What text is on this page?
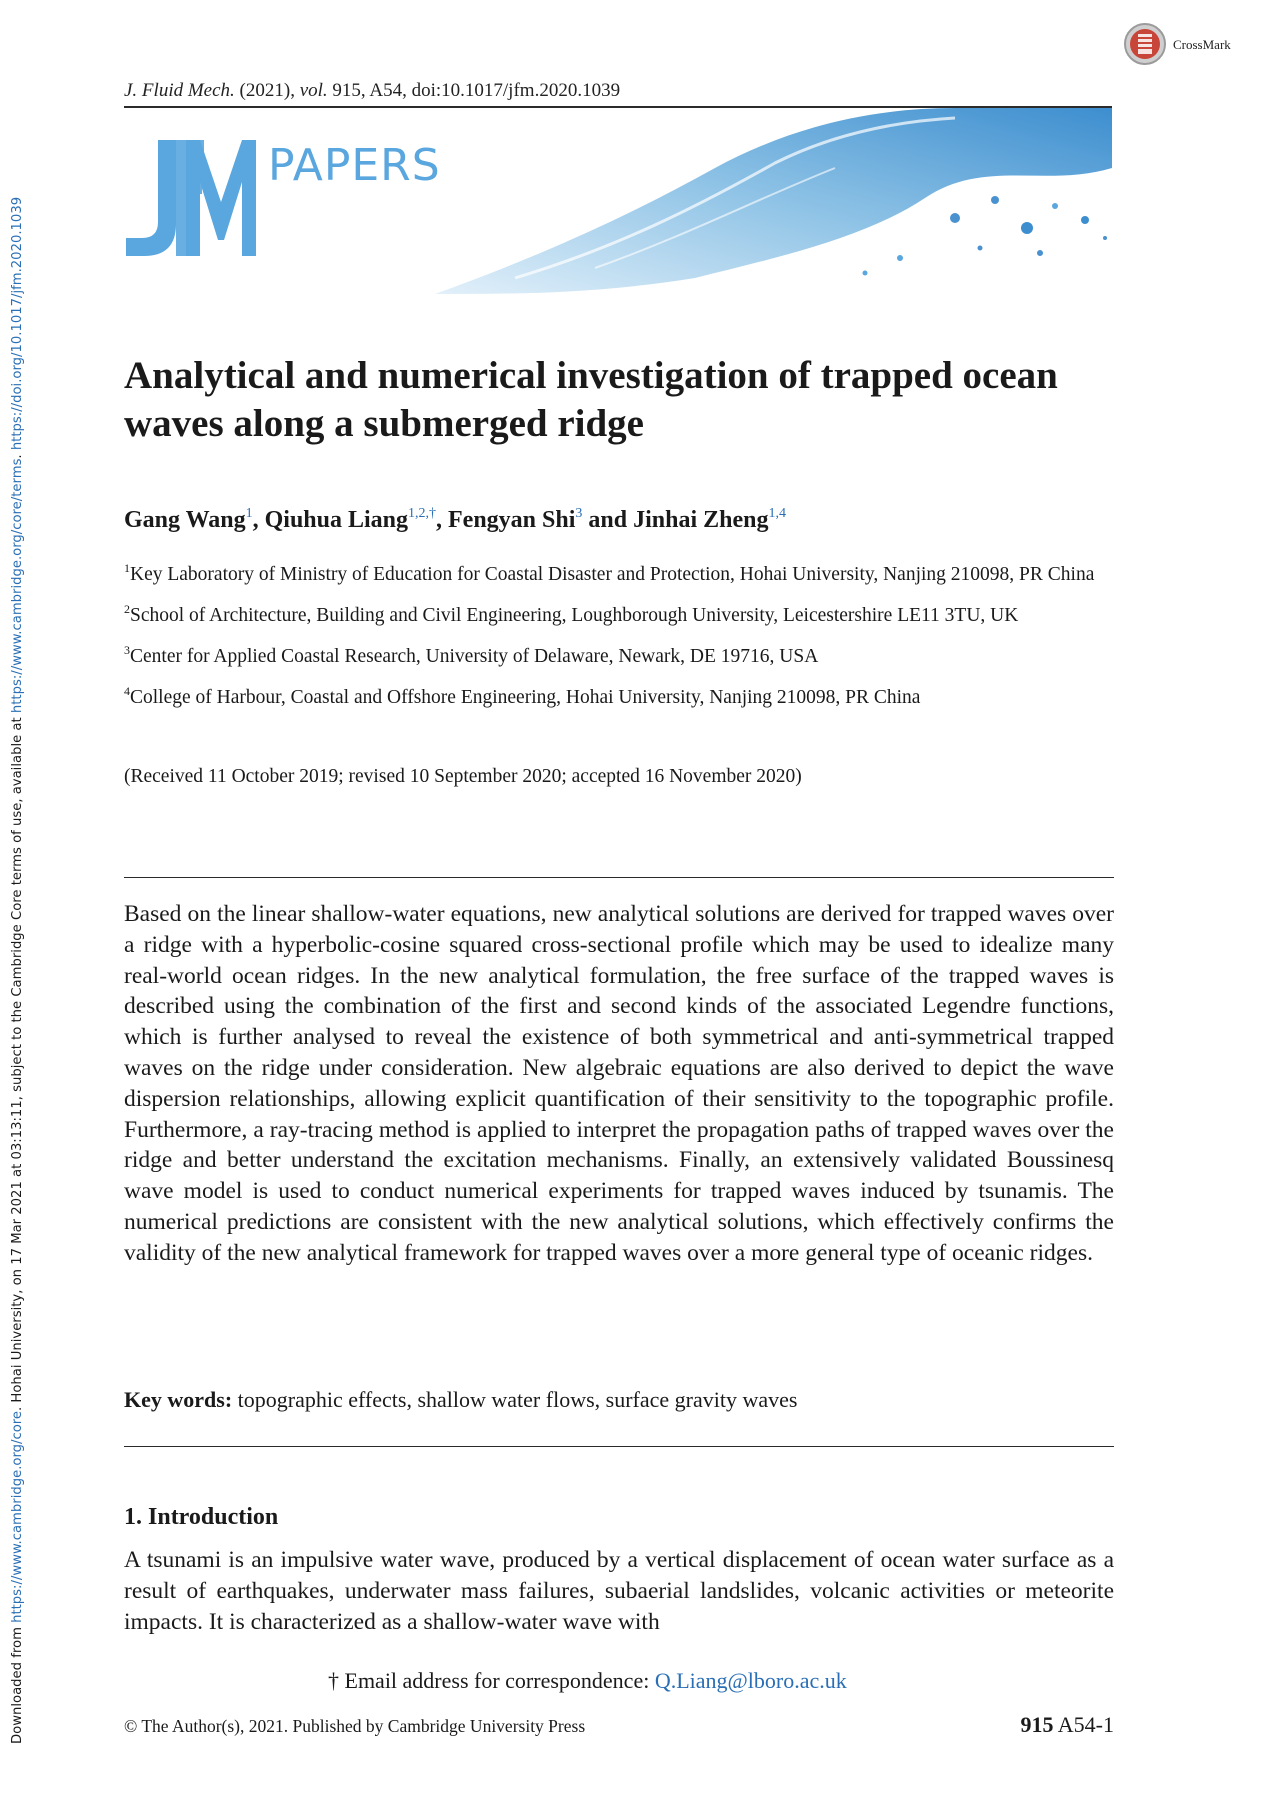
Downloaded from https://www.cambridge.org/core. Hohai University, on 17 Mar 2021 at 03:13:11, subject to the Cambridge Core terms of use, available at https://www.cambridge.org/core/terms. https://doi.org/10.1017/jfm.2020.1039
CrossMark
J. Fluid Mech. (2021), vol. 915, A54, doi:10.1017/jfm.2020.1039
PAPERS
Analytical and numerical investigation of trapped ocean waves along a submerged ridge
Gang Wang$^1$, Qiuhua Liang$^{1,2,\dagger}$, Fengyan Shi$^3$ and Jinhai Zheng$^{1,4}$

$^1$Key Laboratory of Ministry of Education for Coastal Disaster and Protection, Hohai University, Nanjing 210098, PR China

$^2$School of Architecture, Building and Civil Engineering, Loughborough University, Leicestershire LE11 3TU, UK

$^3$Center for Applied Coastal Research, University of Delaware, Newark, DE 19716, USA

$^4$College of Harbour, Coastal and Offshore Engineering, Hohai University, Nanjing 210098, PR China

(Received 11 October 2019; revised 10 September 2020; accepted 16 November 2020)

Based on the linear shallow-water equations, new analytical solutions are derived for trapped waves over a ridge with a hyperbolic-cosine squared cross-sectional profile which may be used to idealize many real-world ocean ridges. In the new analytical formulation, the free surface of the trapped waves is described using the combination of the first and second kinds of the associated Legendre functions, which is further analysed to reveal the existence of both symmetrical and anti-symmetrical trapped waves on the ridge under consideration. New algebraic equations are also derived to depict the wave dispersion relationships, allowing explicit quantification of their sensitivity to the topographic profile. Furthermore, a ray-tracing method is applied to interpret the propagation paths of trapped waves over the ridge and better understand the excitation mechanisms. Finally, an extensively validated Boussinesq wave model is used to conduct numerical experiments for trapped waves induced by tsunamis. The numerical predictions are consistent with the new analytical solutions, which effectively confirms the validity of the new analytical framework for trapped waves over a more general type of oceanic ridges.

Key words: topographic effects, shallow water flows, surface gravity waves
1. Introduction

A tsunami is an impulsive water wave, produced by a vertical displacement of ocean water surface as a result of earthquakes, underwater mass failures, subaerial landslides, volcanic activities or meteorite impacts. It is characterized as a shallow-water wave with

† Email address for correspondence: Q.Liang@lboro.ac.uk
© The Author(s), 2021. Published by Cambridge University Press	915 A54-1
